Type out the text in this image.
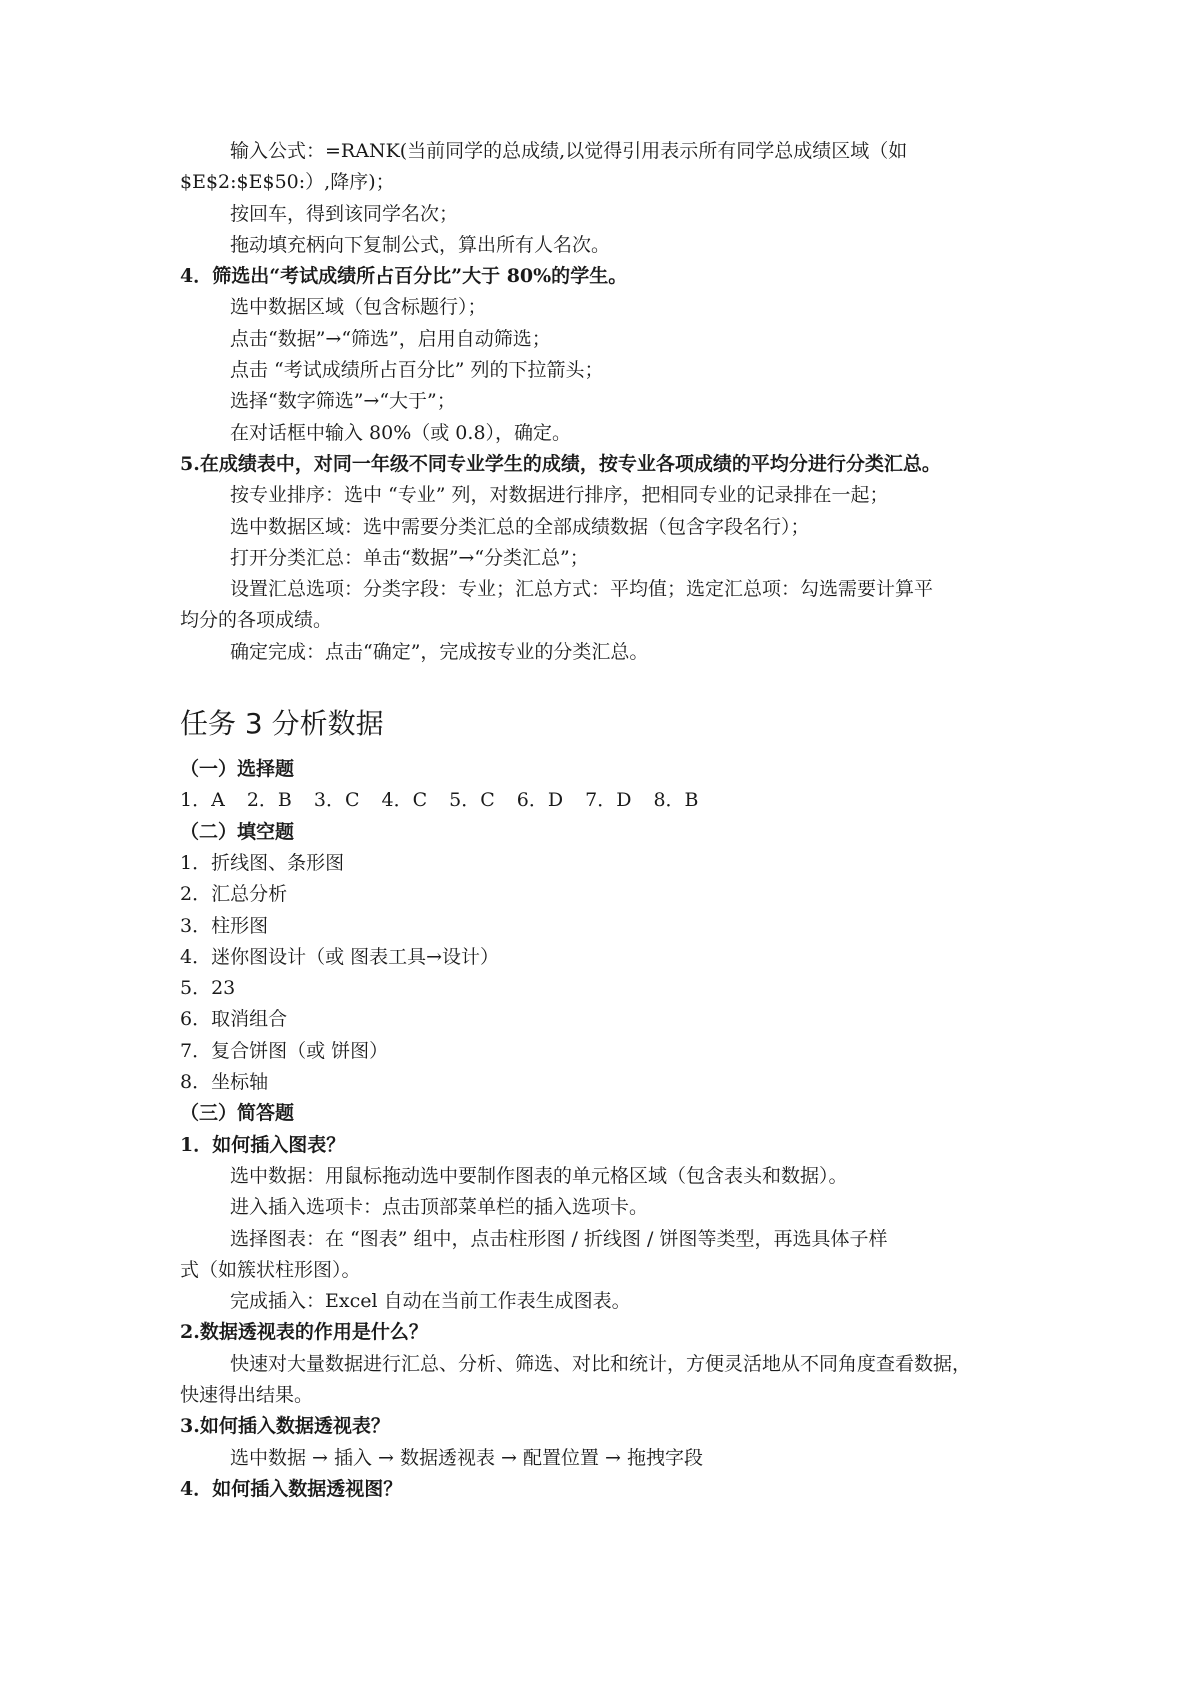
输入公式：=RANK(当前同学的总成绩,以觉得引用表示所有同学总成绩区域（如
$E$2:$E$50:）,降序)；
按回车，得到该同学名次；
拖动填充柄向下复制公式，算出所有人名次。
4．筛选出“考试成绩所占百分比”大于 80%的学生。
选中数据区域（包含标题行）；
点击“数据”→“筛选”，启用自动筛选；
点击 “考试成绩所占百分比” 列的下拉箭头；
选择“数字筛选”→“大于”；
在对话框中输入 80%（或 0.8），确定。
5.在成绩表中，对同一年级不同专业学生的成绩，按专业各项成绩的平均分进行分类汇总。
按专业排序：选中 “专业” 列，对数据进行排序，把相同专业的记录排在一起；
选中数据区域：选中需要分类汇总的全部成绩数据（包含字段名行）；
打开分类汇总：单击“数据”→“分类汇总”；
设置汇总选项：分类字段：专业；汇总方式：平均值；选定汇总项：勾选需要计算平
均分的各项成绩。
确定完成：点击“确定”，完成按专业的分类汇总。
任务 3 分析数据
（一）选择题
1．A 2．B 3．C 4．C 5．C 6．D 7．D 8．B
（二）填空题
1．折线图、条形图
2．汇总分析
3．柱形图
4．迷你图设计（或 图表工具→设计）
5．23
6．取消组合
7．复合饼图（或 饼图）
8．坐标轴
（三）简答题
1．如何插入图表？
选中数据：用鼠标拖动选中要制作图表的单元格区域（包含表头和数据）。
进入插入选项卡：点击顶部菜单栏的插入选项卡。
选择图表：在 “图表” 组中，点击柱形图 / 折线图 / 饼图等类型，再选具体子样
式（如簇状柱形图）。
完成插入：Excel 自动在当前工作表生成图表。
2.数据透视表的作用是什么？
快速对大量数据进行汇总、分析、筛选、对比和统计，方便灵活地从不同角度查看数据，
快速得出结果。
3.如何插入数据透视表？
选中数据 → 插入 → 数据透视表 → 配置位置 → 拖拽字段
4．如何插入数据透视图？
